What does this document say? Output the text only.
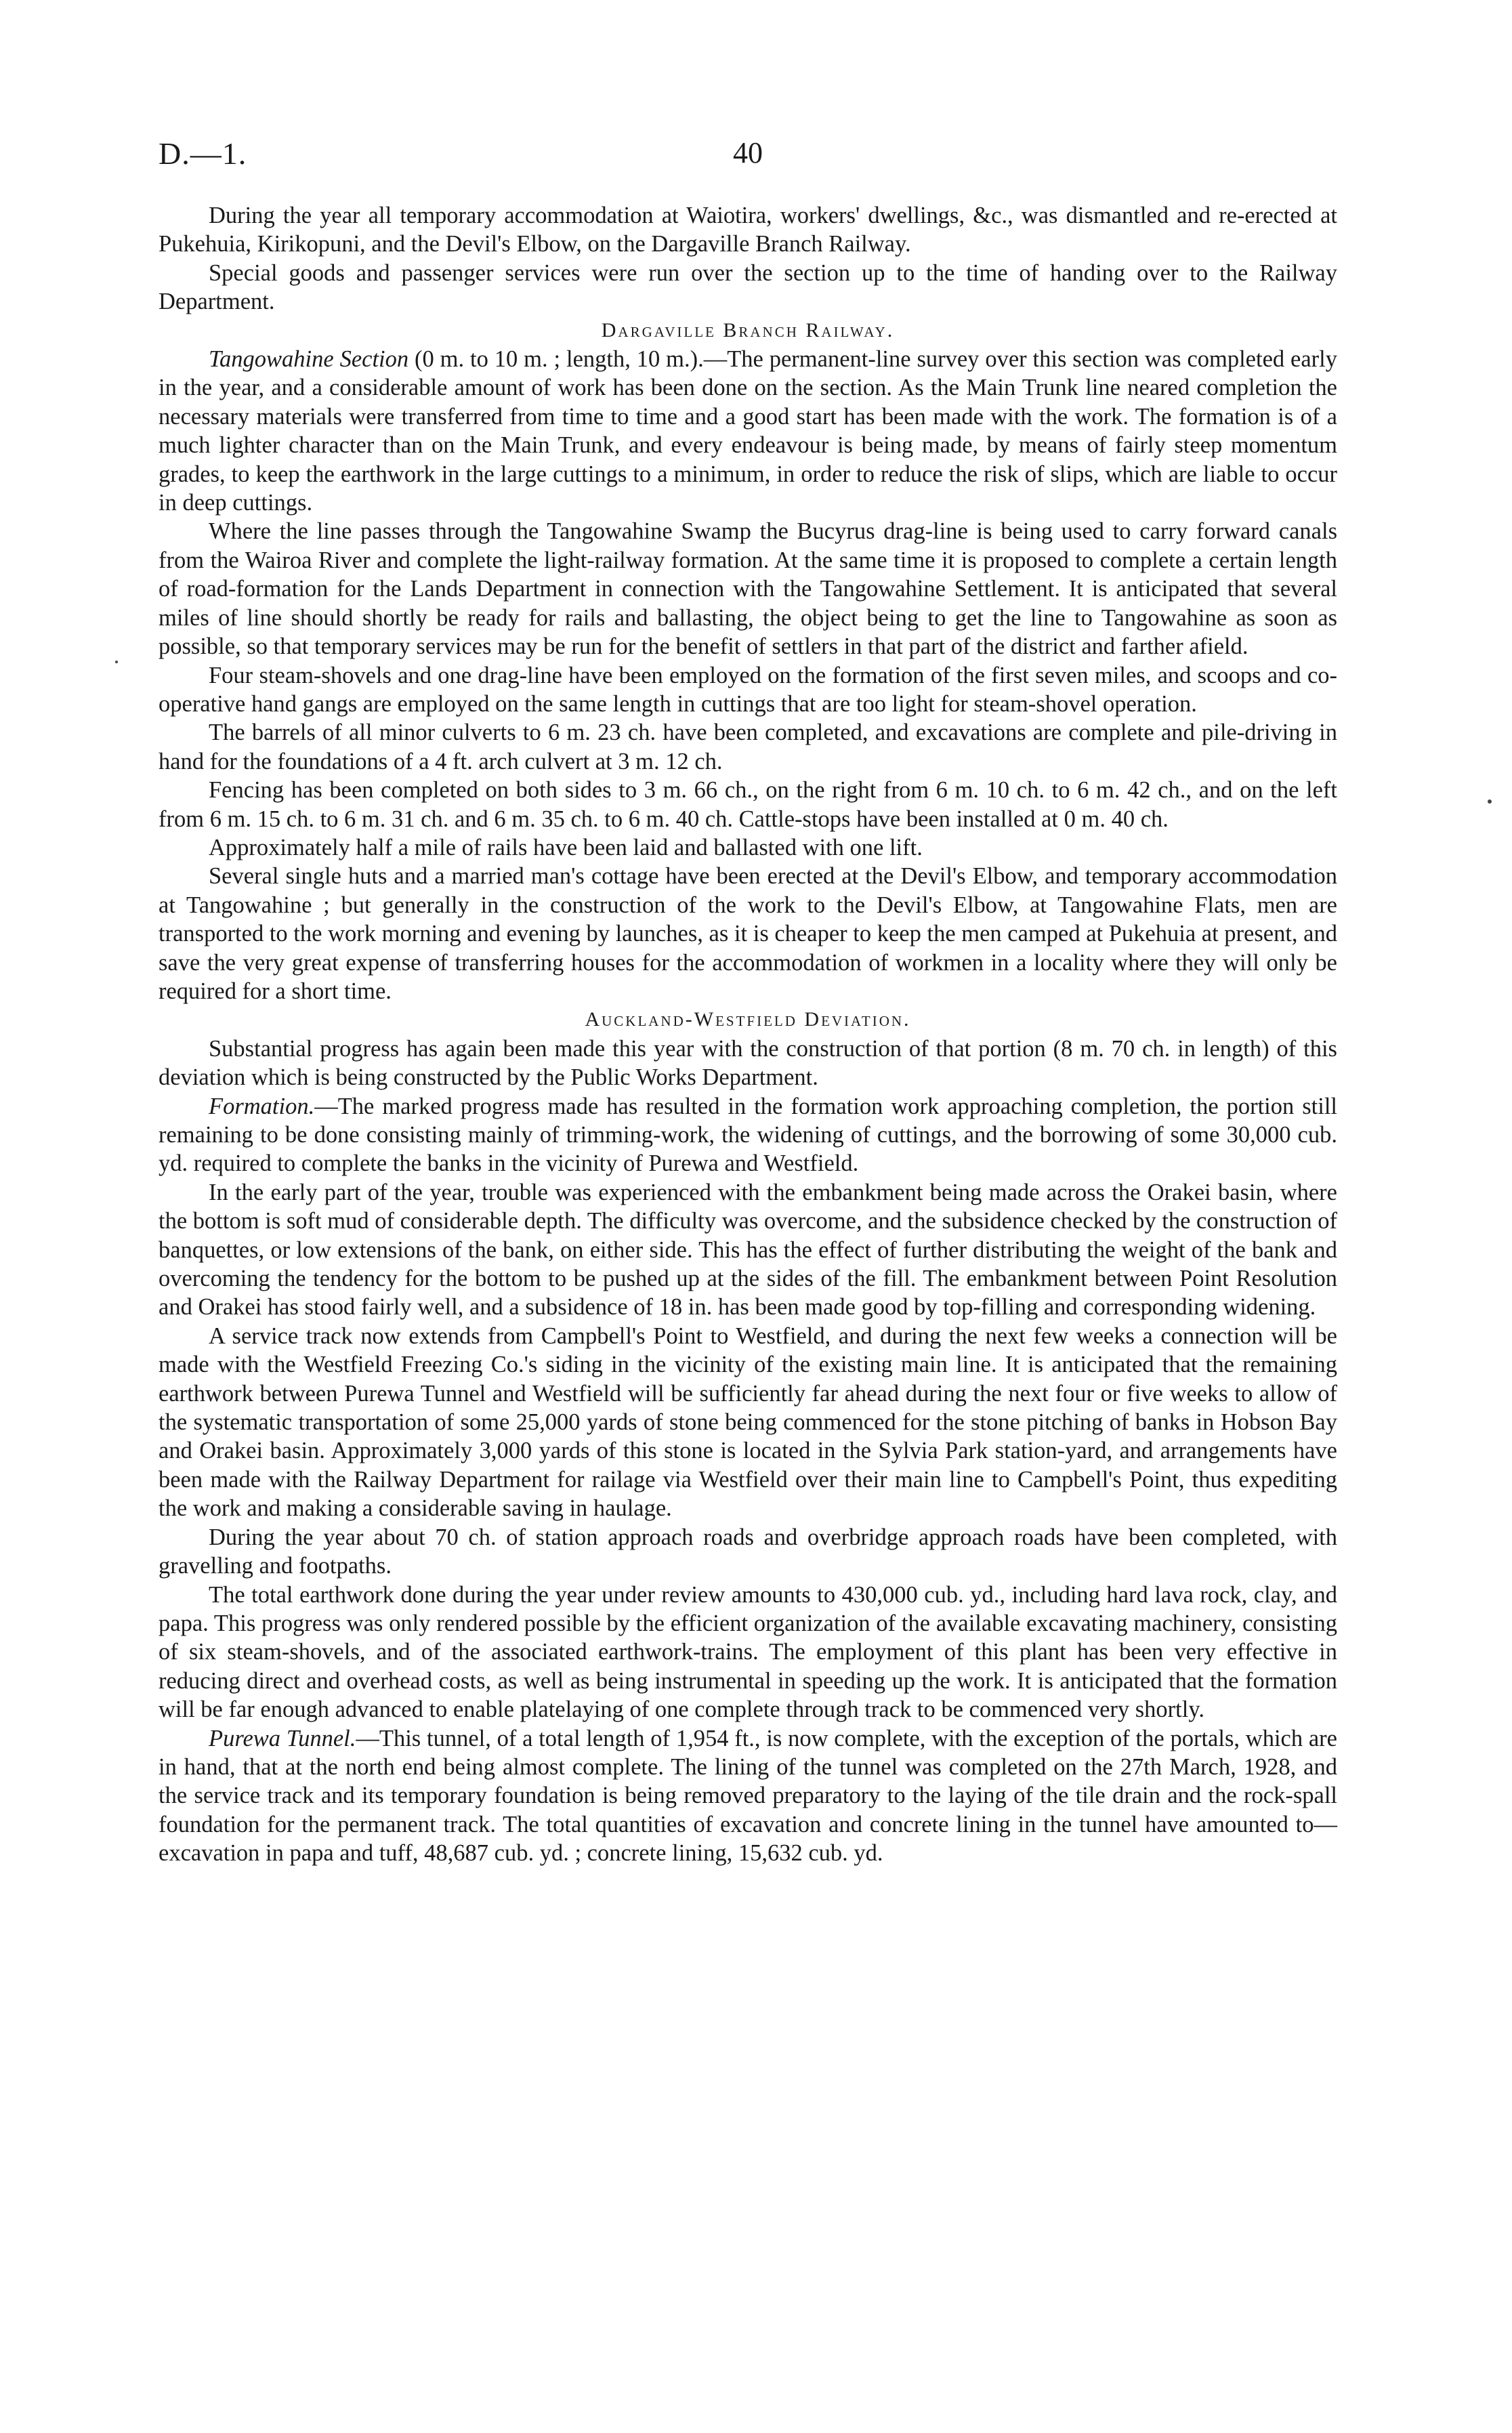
D.—1.	40

During the year all temporary accommodation at Waiotira, workers' dwellings, &c., was dismantled and re-erected at Pukehuia, Kirikopuni, and the Devil's Elbow, on the Dargaville Branch Railway.

Special goods and passenger services were run over the section up to the time of handing over to the Railway Department.

Dargaville Branch Railway.

Tangowahine Section (0 m. to 10 m. ; length, 10 m.).—The permanent-line survey over this section was completed early in the year, and a considerable amount of work has been done on the section. As the Main Trunk line neared completion the necessary materials were transferred from time to time and a good start has been made with the work. The formation is of a much lighter character than on the Main Trunk, and every endeavour is being made, by means of fairly steep momentum grades, to keep the earthwork in the large cuttings to a minimum, in order to reduce the risk of slips, which are liable to occur in deep cuttings.

Where the line passes through the Tangowahine Swamp the Bucyrus drag-line is being used to carry forward canals from the Wairoa River and complete the light-railway formation. At the same time it is proposed to complete a certain length of road-formation for the Lands Department in connection with the Tangowahine Settlement. It is anticipated that several miles of line should shortly be ready for rails and ballasting, the object being to get the line to Tangowahine as soon as possible, so that temporary services may be run for the benefit of settlers in that part of the district and farther afield.

Four steam-shovels and one drag-line have been employed on the formation of the first seven miles, and scoops and co-operative hand gangs are employed on the same length in cuttings that are too light for steam-shovel operation.

The barrels of all minor culverts to 6 m. 23 ch. have been completed, and excavations are complete and pile-driving in hand for the foundations of a 4 ft. arch culvert at 3 m. 12 ch.

Fencing has been completed on both sides to 3 m. 66 ch., on the right from 6 m. 10 ch. to 6 m. 42 ch., and on the left from 6 m. 15 ch. to 6 m. 31 ch. and 6 m. 35 ch. to 6 m. 40 ch. Cattle-stops have been installed at 0 m. 40 ch.

Approximately half a mile of rails have been laid and ballasted with one lift.

Several single huts and a married man's cottage have been erected at the Devil's Elbow, and temporary accommodation at Tangowahine ; but generally in the construction of the work to the Devil's Elbow, at Tangowahine Flats, men are transported to the work morning and evening by launches, as it is cheaper to keep the men camped at Pukehuia at present, and save the very great expense of transferring houses for the accommodation of workmen in a locality where they will only be required for a short time.

Auckland-Westfield Deviation.

Substantial progress has again been made this year with the construction of that portion (8 m. 70 ch. in length) of this deviation which is being constructed by the Public Works Department.

Formation.—The marked progress made has resulted in the formation work approaching completion, the portion still remaining to be done consisting mainly of trimming-work, the widening of cuttings, and the borrowing of some 30,000 cub. yd. required to complete the banks in the vicinity of Purewa and Westfield.

In the early part of the year, trouble was experienced with the embankment being made across the Orakei basin, where the bottom is soft mud of considerable depth. The difficulty was overcome, and the subsidence checked by the construction of banquettes, or low extensions of the bank, on either side. This has the effect of further distributing the weight of the bank and overcoming the tendency for the bottom to be pushed up at the sides of the fill. The embankment between Point Resolution and Orakei has stood fairly well, and a subsidence of 18 in. has been made good by top-filling and corresponding widening.

A service track now extends from Campbell's Point to Westfield, and during the next few weeks a connection will be made with the Westfield Freezing Co.'s siding in the vicinity of the existing main line. It is anticipated that the remaining earthwork between Purewa Tunnel and Westfield will be sufficiently far ahead during the next four or five weeks to allow of the systematic transportation of some 25,000 yards of stone being commenced for the stone pitching of banks in Hobson Bay and Orakei basin. Approximately 3,000 yards of this stone is located in the Sylvia Park station-yard, and arrangements have been made with the Railway Department for railage via Westfield over their main line to Campbell's Point, thus expediting the work and making a considerable saving in haulage.

During the year about 70 ch. of station approach roads and overbridge approach roads have been completed, with gravelling and footpaths.

The total earthwork done during the year under review amounts to 430,000 cub. yd., including hard lava rock, clay, and papa. This progress was only rendered possible by the efficient organization of the available excavating machinery, consisting of six steam-shovels, and of the associated earthwork-trains. The employment of this plant has been very effective in reducing direct and overhead costs, as well as being instrumental in speeding up the work. It is anticipated that the formation will be far enough advanced to enable platelaying of one complete through track to be commenced very shortly.

Purewa Tunnel.—This tunnel, of a total length of 1,954 ft., is now complete, with the exception of the portals, which are in hand, that at the north end being almost complete. The lining of the tunnel was completed on the 27th March, 1928, and the service track and its temporary foundation is being removed preparatory to the laying of the tile drain and the rock-spall foundation for the permanent track. The total quantities of excavation and concrete lining in the tunnel have amounted to—excavation in papa and tuff, 48,687 cub. yd. ; concrete lining, 15,632 cub. yd.
